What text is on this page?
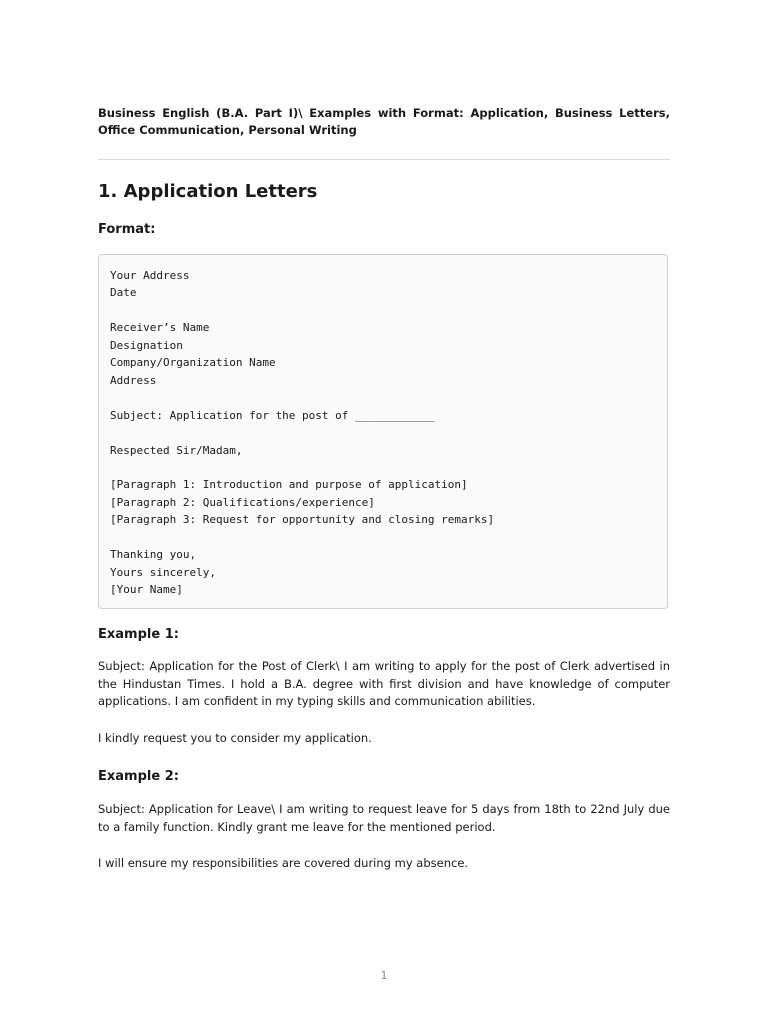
Business English (B.A. Part I)\ Examples with Format: Application, Business Letters, Office Communication, Personal Writing
1. Application Letters
Format:
Your Address
Date

Receiver’s Name
Designation
Company/Organization Name
Address

Subject: Application for the post of ____________

Respected Sir/Madam,

[Paragraph 1: Introduction and purpose of application]
[Paragraph 2: Qualifications/experience]
[Paragraph 3: Request for opportunity and closing remarks]

Thanking you,
Yours sincerely,
[Your Name]
Example 1:

Subject: Application for the Post of Clerk\ I am writing to apply for the post of Clerk advertised in the Hindustan Times. I hold a B.A. degree with first division and have knowledge of computer applications. I am confident in my typing skills and communication abilities.

I kindly request you to consider my application.

Example 2:

Subject: Application for Leave\ I am writing to request leave for 5 days from 18th to 22nd July due to a family function. Kindly grant me leave for the mentioned period.

I will ensure my responsibilities are covered during my absence.

1
